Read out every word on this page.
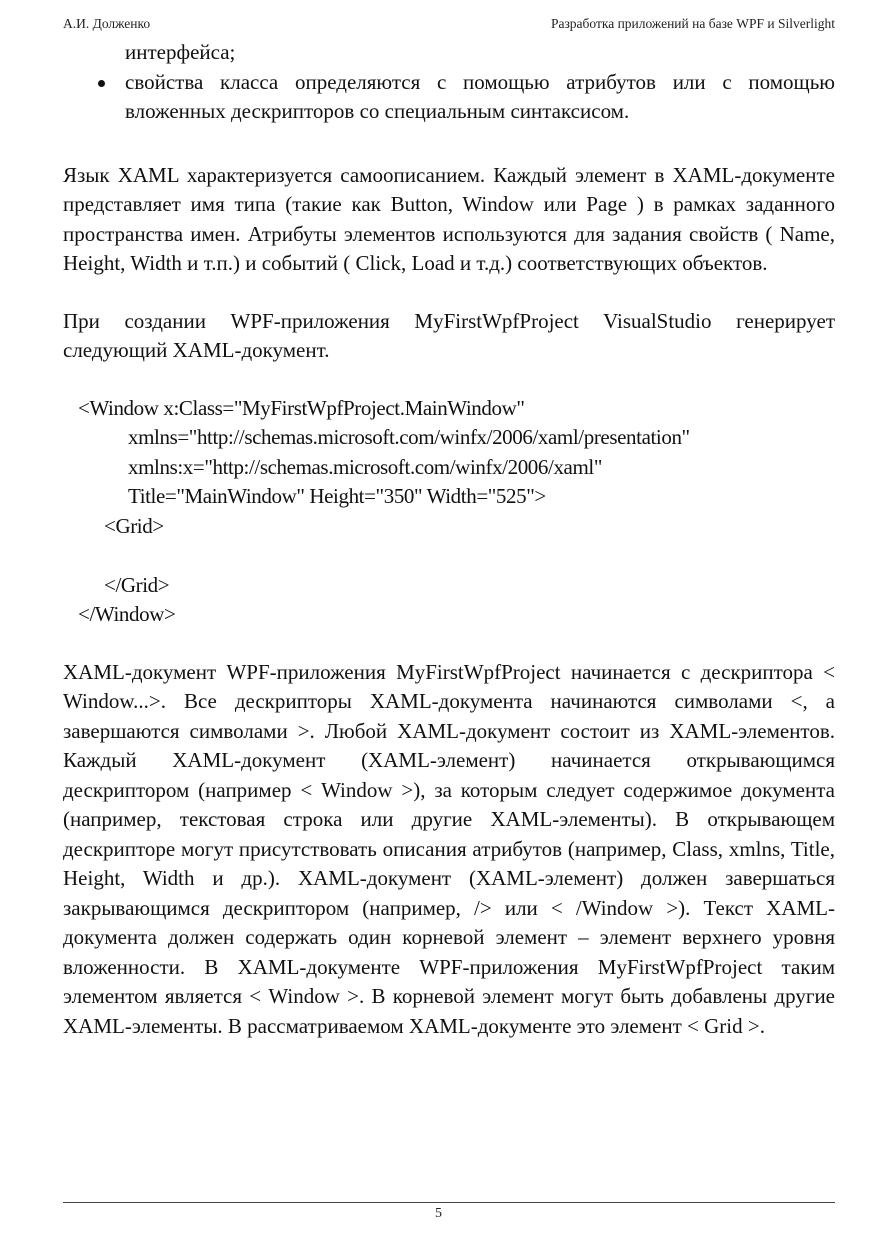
А.И. Долженко	Разработка приложений на базе WPF и Silverlight
интерфейса;
свойства класса определяются с помощью атрибутов или с помощью вложенных дескрипторов со специальным синтаксисом.

Язык XAML характеризуется самоописанием. Каждый элемент в XAML-документе представляет имя типа (такие как Button, Window или Page ) в рамках заданного пространства имен. Атрибуты элементов используются для задания свойств ( Name, Height, Width и т.п.) и событий ( Click, Load и т.д.) соответствующих объектов.

При создании WPF-приложения MyFirstWpfProject VisualStudio генерирует следующий XAML-документ.

<Window x:Class="MyFirstWpfProject.MainWindow"
xmlns="http://schemas.microsoft.com/winfx/2006/xaml/presentation"
xmlns:x="http://schemas.microsoft.com/winfx/2006/xaml"
Title="MainWindow" Height="350" Width="525">
<Grid>
</Grid>
</Window>

XAML-документ WPF-приложения MyFirstWpfProject начинается с дескриптора < Window...>. Все дескрипторы XAML-документа начинаются символами <, а завершаются символами >. Любой XAML-документ состоит из XAML-элементов. Каждый XAML-документ (XAML-элемент) начинается открывающимся дескриптором (например < Window >), за которым следует содержимое документа (например, текстовая строка или другие XAML-элементы). В открывающем дескрипторе могут присутствовать описания атрибутов (например, Class, xmlns, Title, Height, Width и др.). XAML-документ (XAML-элемент) должен завершаться закрывающимся дескриптором (например, /> или < /Window >). Текст XAML-документа должен содержать один корневой элемент – элемент верхнего уровня вложенности. В XAML-документе WPF-приложения MyFirstWpfProject таким элементом является < Window >. В корневой элемент могут быть добавлены другие XAML-элементы. В рассматриваемом XAML-документе это элемент < Grid >.

5
